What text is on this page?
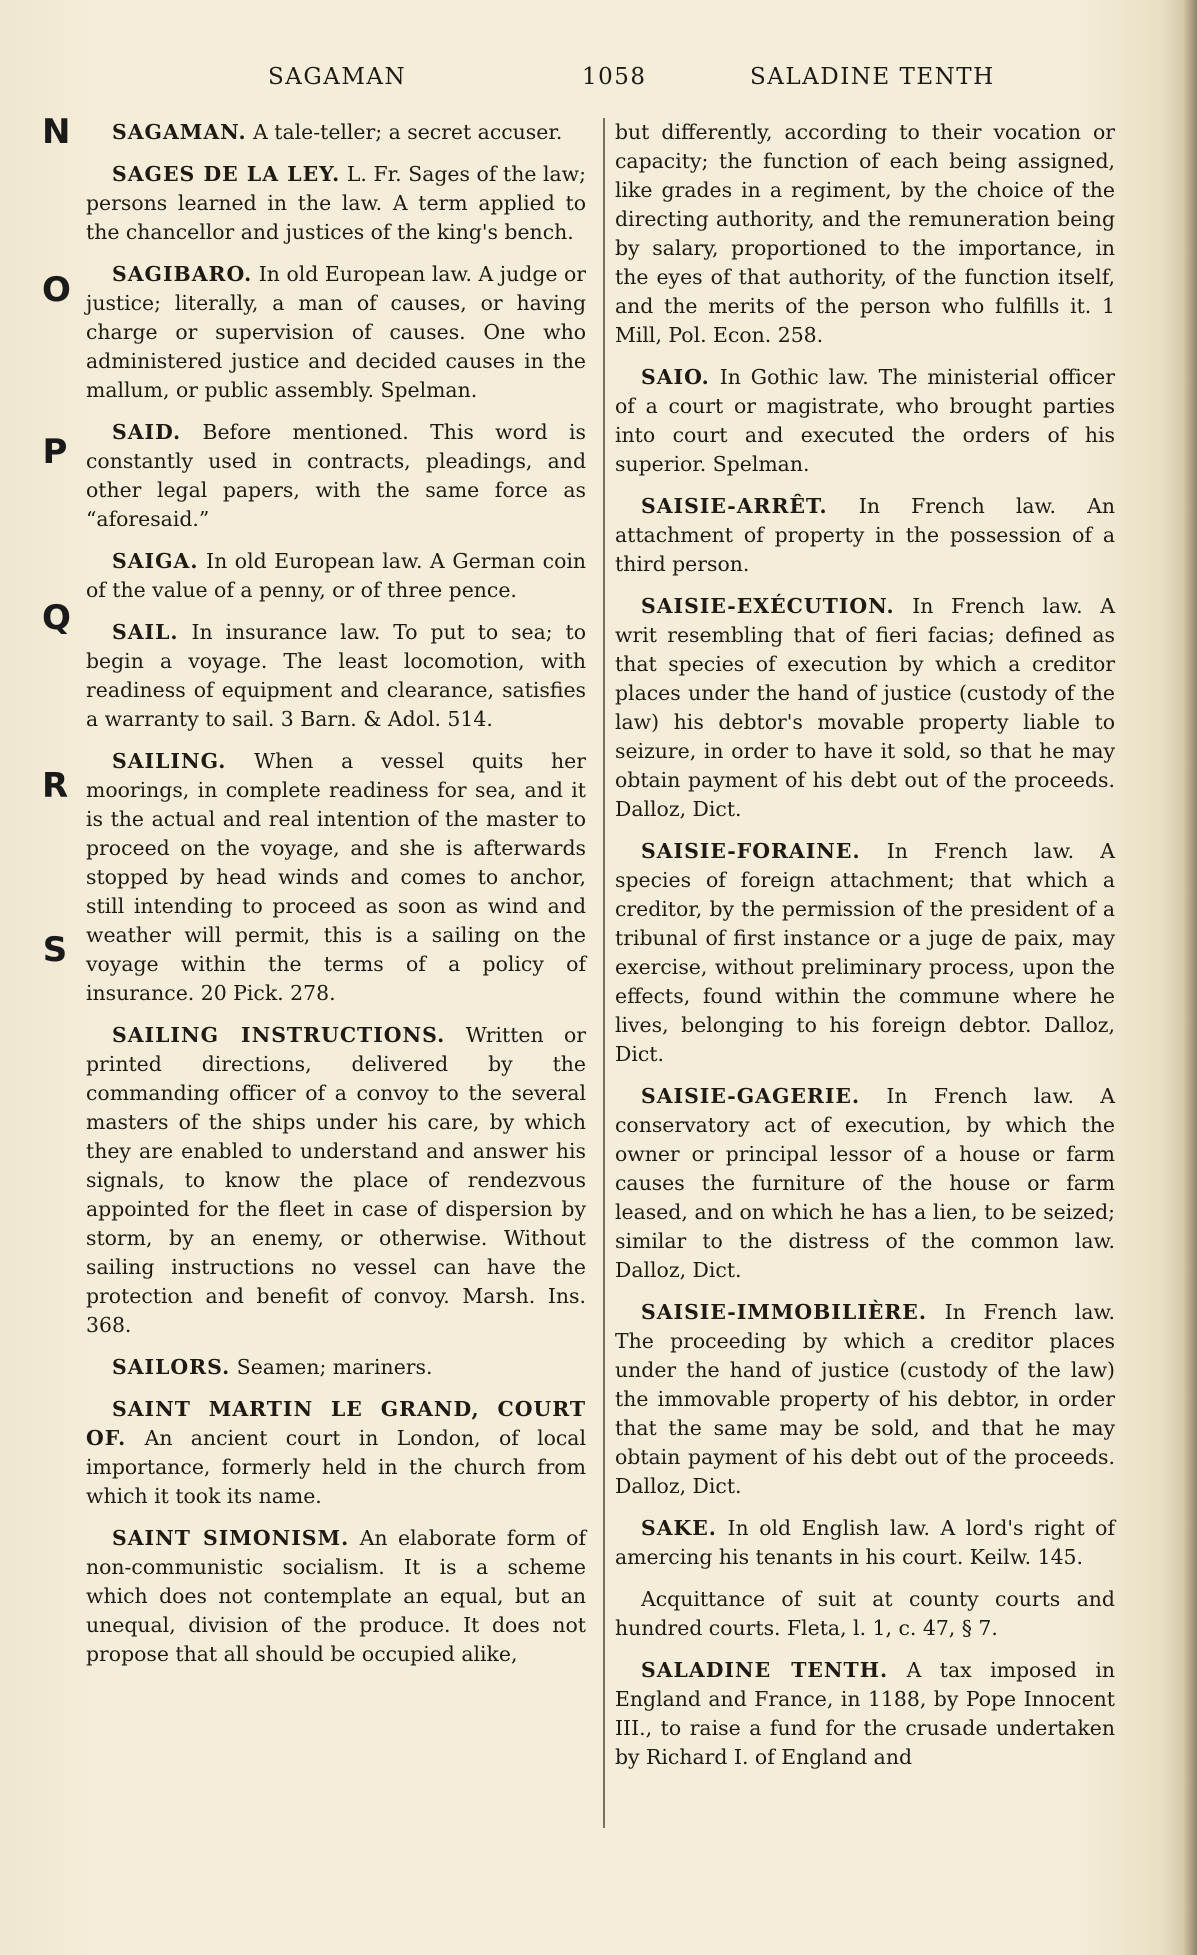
SAGAMAN	1058	SALADINE TENTH
N
O
P
Q
R
S

SAGAMAN. A tale-teller; a secret accuser.

SAGES DE LA LEY. L. Fr. Sages of the law; persons learned in the law. A term applied to the chancellor and justices of the king's bench.

SAGIBARO. In old European law. A judge or justice; literally, a man of causes, or having charge or supervision of causes. One who administered justice and decided causes in the mallum, or public assembly. Spelman.

SAID. Before mentioned. This word is constantly used in contracts, pleadings, and other legal papers, with the same force as “aforesaid.”

SAIGA. In old European law. A German coin of the value of a penny, or of three pence.

SAIL. In insurance law. To put to sea; to begin a voyage. The least locomotion, with readiness of equipment and clearance, satisfies a warranty to sail. 3 Barn. & Adol. 514.

SAILING. When a vessel quits her moorings, in complete readiness for sea, and it is the actual and real intention of the master to proceed on the voyage, and she is afterwards stopped by head winds and comes to anchor, still intending to proceed as soon as wind and weather will permit, this is a sailing on the voyage within the terms of a policy of insurance. 20 Pick. 278.

SAILING INSTRUCTIONS. Written or printed directions, delivered by the commanding officer of a convoy to the several masters of the ships under his care, by which they are enabled to understand and answer his signals, to know the place of rendezvous appointed for the fleet in case of dispersion by storm, by an enemy, or otherwise. Without sailing instructions no vessel can have the protection and benefit of convoy. Marsh. Ins. 368.

SAILORS. Seamen; mariners.

SAINT MARTIN LE GRAND, COURT OF. An ancient court in London, of local importance, formerly held in the church from which it took its name.

SAINT SIMONISM. An elaborate form of non-communistic socialism. It is a scheme which does not contemplate an equal, but an unequal, division of the produce. It does not propose that all should be occupied alike,

but differently, according to their vocation or capacity; the function of each being assigned, like grades in a regiment, by the choice of the directing authority, and the remuneration being by salary, proportioned to the importance, in the eyes of that authority, of the function itself, and the merits of the person who fulfills it. 1 Mill, Pol. Econ. 258.

SAIO. In Gothic law. The ministerial officer of a court or magistrate, who brought parties into court and executed the orders of his superior. Spelman.

SAISIE-ARRÊT. In French law. An attachment of property in the possession of a third person.

SAISIE-EXÉCUTION. In French law. A writ resembling that of fieri facias; defined as that species of execution by which a creditor places under the hand of justice (custody of the law) his debtor's movable property liable to seizure, in order to have it sold, so that he may obtain payment of his debt out of the proceeds. Dalloz, Dict.

SAISIE-FORAINE. In French law. A species of foreign attachment; that which a creditor, by the permission of the president of a tribunal of first instance or a juge de paix, may exercise, without preliminary process, upon the effects, found within the commune where he lives, belonging to his foreign debtor. Dalloz, Dict.

SAISIE-GAGERIE. In French law. A conservatory act of execution, by which the owner or principal lessor of a house or farm causes the furniture of the house or farm leased, and on which he has a lien, to be seized; similar to the distress of the common law. Dalloz, Dict.

SAISIE-IMMOBILIÈRE. In French law. The proceeding by which a creditor places under the hand of justice (custody of the law) the immovable property of his debtor, in order that the same may be sold, and that he may obtain payment of his debt out of the proceeds. Dalloz, Dict.

SAKE. In old English law. A lord's right of amercing his tenants in his court. Keilw. 145.

Acquittance of suit at county courts and hundred courts. Fleta, l. 1, c. 47, § 7.

SALADINE TENTH. A tax imposed in England and France, in 1188, by Pope Innocent III., to raise a fund for the crusade undertaken by Richard I. of England and
